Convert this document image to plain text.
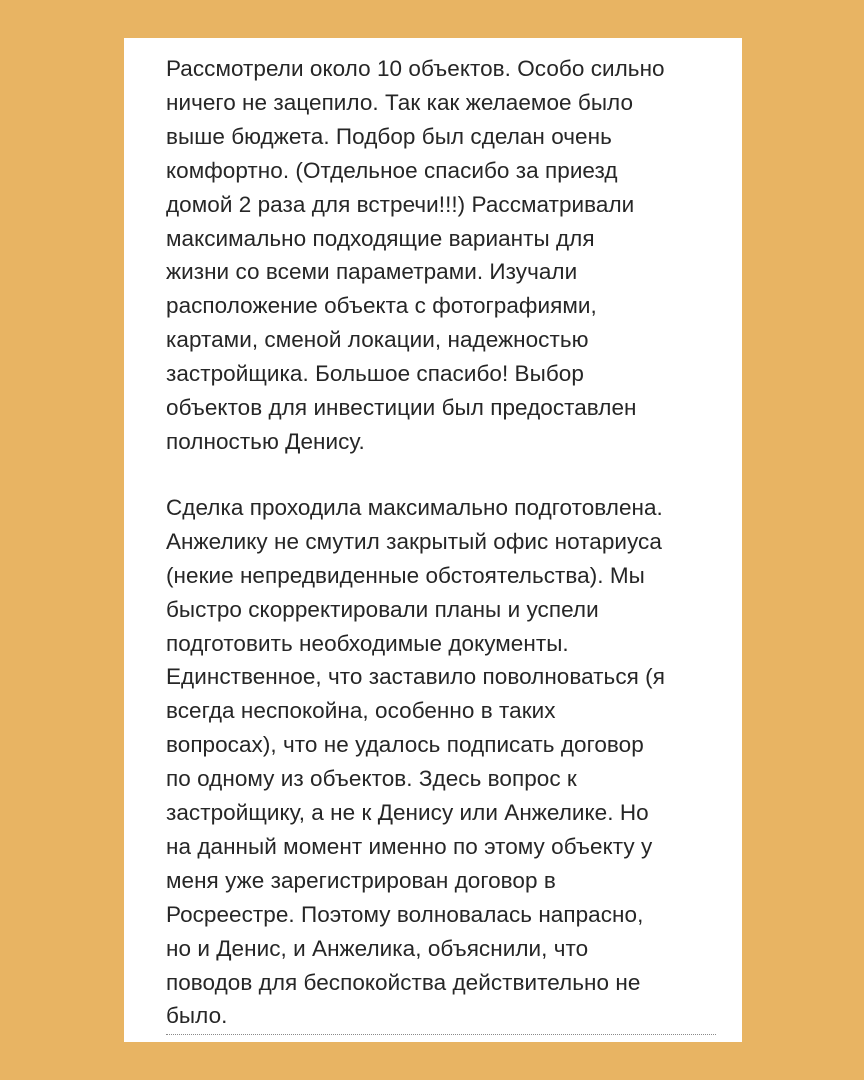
Рассмотрели около 10 объектов. Особо сильно

ничего не зацепило. Так как желаемое было

выше бюджета. Подбор был сделан очень

комфортно. (Отдельное спасибо за приезд

домой 2 раза для встречи!!!) Рассматривали

максимально подходящие варианты для

жизни со всеми параметрами. Изучали

расположение объекта с фотографиями,

картами, сменой локации, надежностью

застройщика. Большое спасибо! Выбор

объектов для инвестиции был предоставлен

полностью Денису.

Сделка проходила максимально подготовлена.

Анжелику не смутил закрытый офис нотариуса

(некие непредвиденные обстоятельства). Мы

быстро скорректировали планы и успели

подготовить необходимые документы.

Единственное, что заставило поволноваться (я

всегда неспокойна, особенно в таких

вопросах), что не удалось подписать договор

по одному из объектов. Здесь вопрос к

застройщику, а не к Денису или Анжелике. Но

на данный момент именно по этому объекту у

меня уже зарегистрирован договор в

Росреестре. Поэтому волновалась напрасно,

но и Денис, и Анжелика, объяснили, что

поводов для беспокойства действительно не

было.
